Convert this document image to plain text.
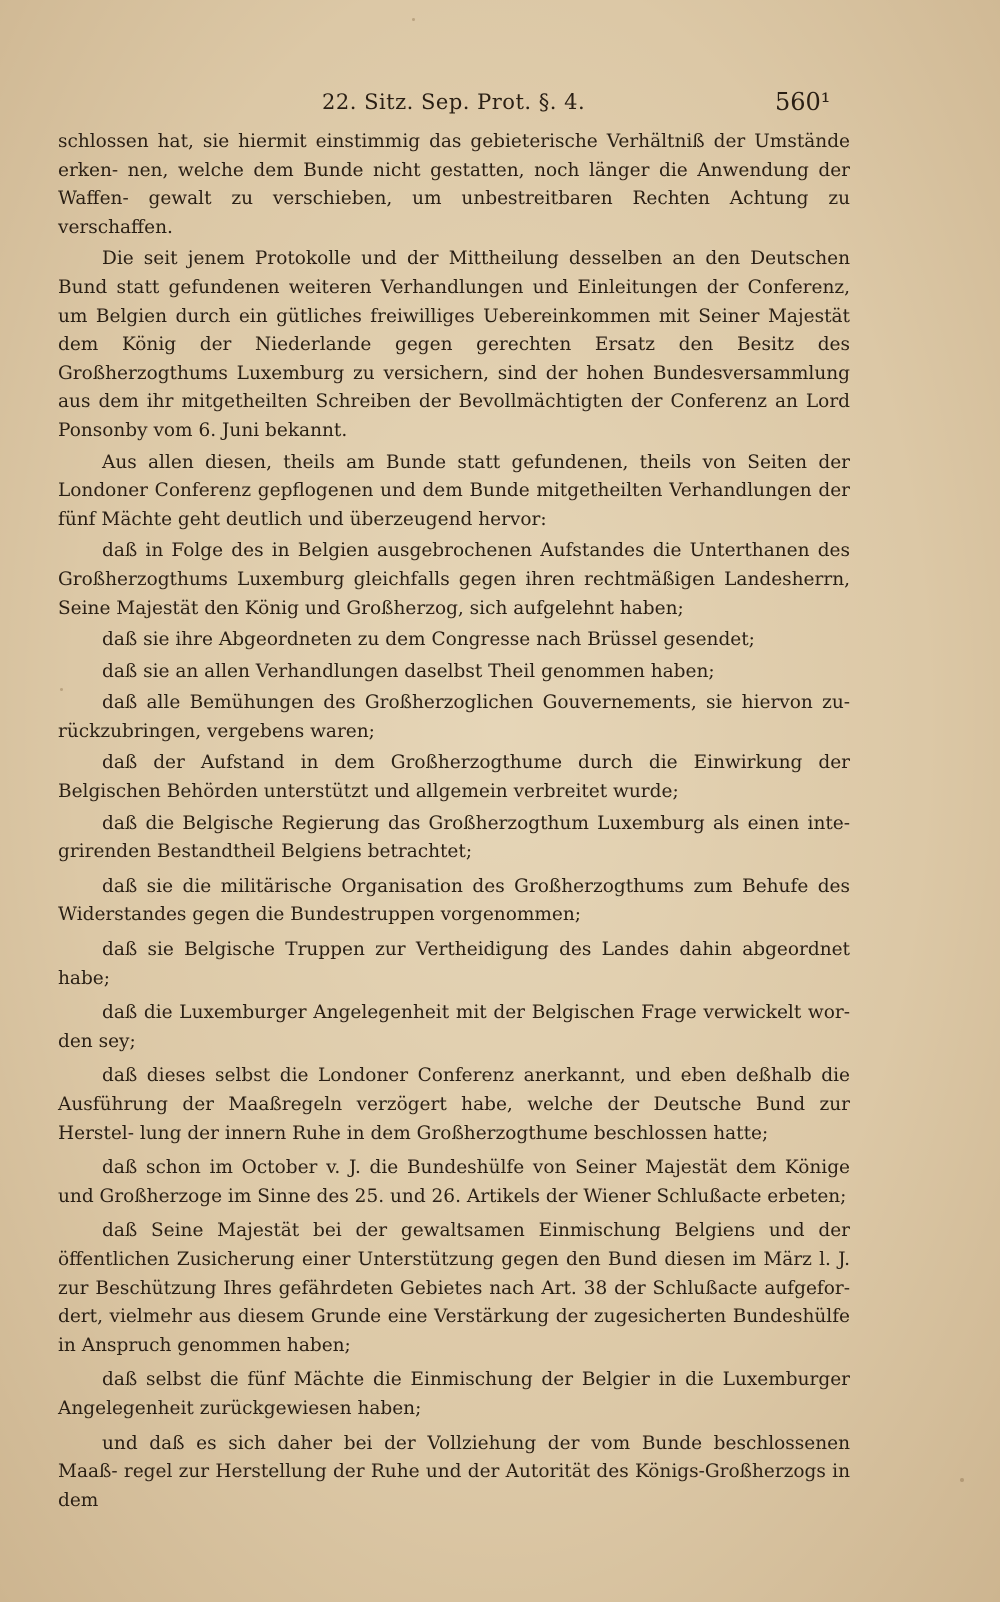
22. Sitz. Sep. Prot. §. 4.	560¹

schlossen hat, sie hiermit einstimmig das gebieterische Verhältniß der Umstände erken- nen, welche dem Bunde nicht gestatten, noch länger die Anwendung der Waffen- gewalt zu verschieben, um unbestreitbaren Rechten Achtung zu verschaffen.

Die seit jenem Protokolle und der Mittheilung desselben an den Deutschen Bund statt gefundenen weiteren Verhandlungen und Einleitungen der Conferenz, um Belgien durch ein gütliches freiwilliges Uebereinkommen mit Seiner Majestät dem König der Niederlande gegen gerechten Ersatz den Besitz des Großherzogthums Luxemburg zu versichern, sind der hohen Bundesversammlung aus dem ihr mitgetheilten Schreiben der Bevollmächtigten der Conferenz an Lord Ponsonby vom 6. Juni bekannt.

Aus allen diesen, theils am Bunde statt gefundenen, theils von Seiten der Londoner Conferenz gepflogenen und dem Bunde mitgetheilten Verhandlungen der fünf Mächte geht deutlich und überzeugend hervor:

daß in Folge des in Belgien ausgebrochenen Aufstandes die Unterthanen des Großherzogthums Luxemburg gleichfalls gegen ihren rechtmäßigen Landesherrn, Seine Majestät den König und Großherzog, sich aufgelehnt haben;

daß sie ihre Abgeordneten zu dem Congresse nach Brüssel gesendet;

daß sie an allen Verhandlungen daselbst Theil genommen haben;

daß alle Bemühungen des Großherzoglichen Gouvernements, sie hiervon zu- rückzubringen, vergebens waren;

daß der Aufstand in dem Großherzogthume durch die Einwirkung der Belgischen Behörden unterstützt und allgemein verbreitet wurde;

daß die Belgische Regierung das Großherzogthum Luxemburg als einen inte- grirenden Bestandtheil Belgiens betrachtet;

daß sie die militärische Organisation des Großherzogthums zum Behufe des Widerstandes gegen die Bundestruppen vorgenommen;

daß sie Belgische Truppen zur Vertheidigung des Landes dahin abgeordnet habe;

daß die Luxemburger Angelegenheit mit der Belgischen Frage verwickelt wor- den sey;

daß dieses selbst die Londoner Conferenz anerkannt, und eben deßhalb die Ausführung der Maaßregeln verzögert habe, welche der Deutsche Bund zur Herstel- lung der innern Ruhe in dem Großherzogthume beschlossen hatte;

daß schon im October v. J. die Bundeshülfe von Seiner Majestät dem Könige und Großherzoge im Sinne des 25. und 26. Artikels der Wiener Schlußacte erbeten;

daß Seine Majestät bei der gewaltsamen Einmischung Belgiens und der öffentlichen Zusicherung einer Unterstützung gegen den Bund diesen im März l. J. zur Beschützung Ihres gefährdeten Gebietes nach Art. 38 der Schlußacte aufgefor- dert, vielmehr aus diesem Grunde eine Verstärkung der zugesicherten Bundeshülfe in Anspruch genommen haben;

daß selbst die fünf Mächte die Einmischung der Belgier in die Luxemburger Angelegenheit zurückgewiesen haben;

und daß es sich daher bei der Vollziehung der vom Bunde beschlossenen Maaß- regel zur Herstellung der Ruhe und der Autorität des Königs-Großherzogs in dem
